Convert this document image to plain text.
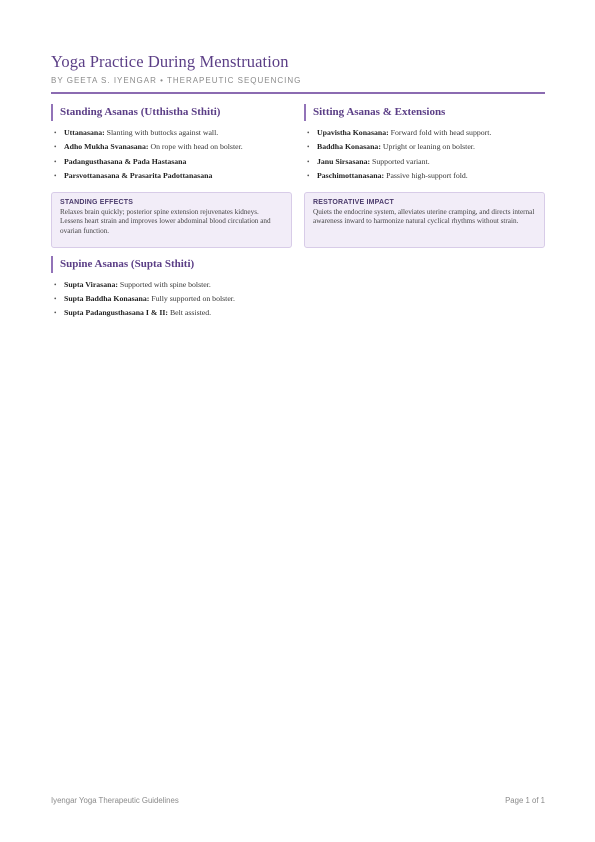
Yoga Practice During Menstruation
BY GEETA S. IYENGAR • THERAPEUTIC SEQUENCING
Standing Asanas (Utthistha Sthiti)
• Uttanasana: Slanting with buttocks against wall.
• Adho Mukha Svanasana: On rope with head on bolster.
• Padangusthasana & Pada Hastasana
• Parsvottanasana & Prasarita Padottanasana
STANDING EFFECTS
Relaxes brain quickly; posterior spine extension rejuvenates kidneys. Lessens heart strain and improves lower abdominal blood circulation and ovarian function.
Supine Asanas (Supta Sthiti)
• Supta Virasana: Supported with spine bolster.
• Supta Baddha Konasana: Fully supported on bolster.
• Supta Padangusthasana I & II: Belt assisted.
Sitting Asanas & Extensions
• Upavistha Konasana: Forward fold with head support.
• Baddha Konasana: Upright or leaning on bolster.
• Janu Sirsasana: Supported variant.
• Paschimottanasana: Passive high-support fold.
RESTORATIVE IMPACT
Quiets the endocrine system, alleviates uterine cramping, and directs internal awareness inward to harmonize natural cyclical rhythms without strain.
Iyengar Yoga Therapeutic Guidelines	Page 1 of 1
